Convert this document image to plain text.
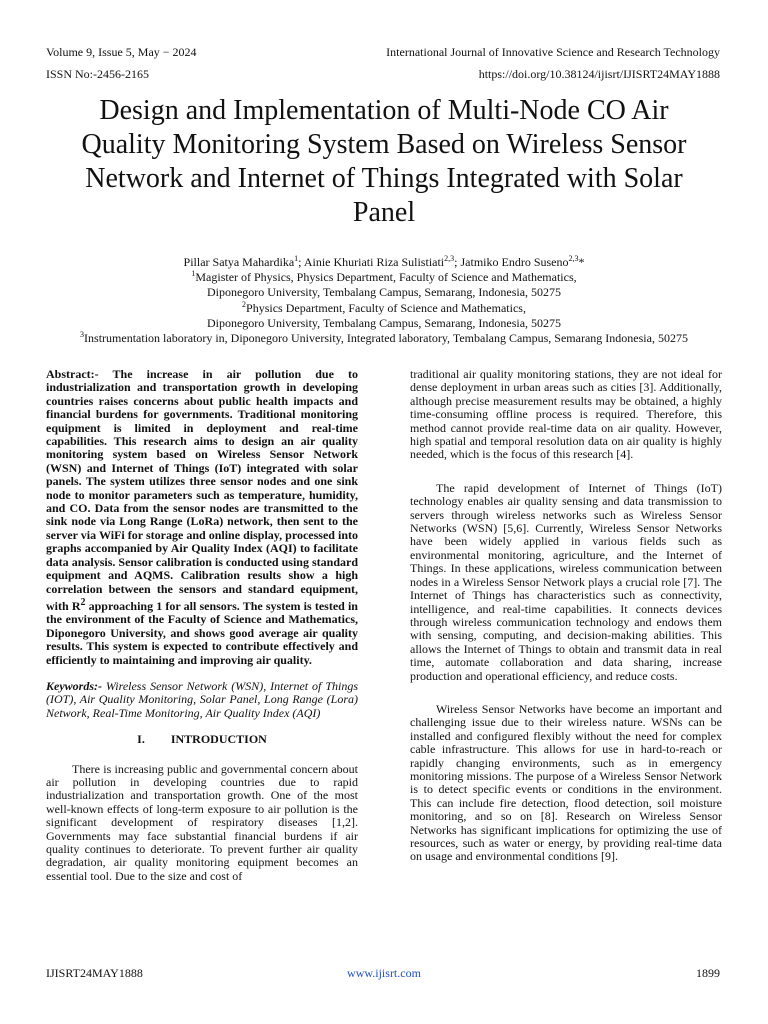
Volume 9, Issue 5, May − 2024	International Journal of Innovative Science and Research Technology
ISSN No:-2456-2165	https://doi.org/10.38124/ijisrt/IJISRT24MAY1888
Design and Implementation of Multi-Node CO Air Quality Monitoring System Based on Wireless Sensor Network and Internet of Things Integrated with Solar Panel
Pillar Satya Mahardika$^1$; Ainie Khuriati Riza Sulistiati$^{2,3}$; Jatmiko Endro Suseno$^{2,3}$*
$^1$Magister of Physics, Physics Department, Faculty of Science and Mathematics,
Diponegoro University, Tembalang Campus, Semarang, Indonesia, 50275
$^2$Physics Department, Faculty of Science and Mathematics,
Diponegoro University, Tembalang Campus, Semarang, Indonesia, 50275
$^3$Instrumentation laboratory in, Diponegoro University, Integrated laboratory, Tembalang Campus, Semarang Indonesia, 50275

Abstract:- The increase in air pollution due to industrialization and transportation growth in developing countries raises concerns about public health impacts and financial burdens for governments. Traditional monitoring equipment is limited in deployment and real-time capabilities. This research aims to design an air quality monitoring system based on Wireless Sensor Network (WSN) and Internet of Things (IoT) integrated with solar panels. The system utilizes three sensor nodes and one sink node to monitor parameters such as temperature, humidity, and CO. Data from the sensor nodes are transmitted to the sink node via Long Range (LoRa) network, then sent to the server via WiFi for storage and online display, processed into graphs accompanied by Air Quality Index (AQI) to facilitate data analysis. Sensor calibration is conducted using standard equipment and AQMS. Calibration results show a high correlation between the sensors and standard equipment, with $R^2$ approaching 1 for all sensors. The system is tested in the environment of the Faculty of Science and Mathematics, Diponegoro University, and shows good average air quality results. This system is expected to contribute effectively and efficiently to maintaining and improving air quality.

Keywords:- Wireless Sensor Network (WSN), Internet of Things (IOT), Air Quality Monitoring, Solar Panel, Long Range (Lora) Network, Real-Time Monitoring, Air Quality Index (AQI)

I. INTRODUCTION

There is increasing public and governmental concern about air pollution in developing countries due to rapid industrialization and transportation growth. One of the most well-known effects of long-term exposure to air pollution is the significant development of respiratory diseases [1,2]. Governments may face substantial financial burdens if air quality continues to deteriorate. To prevent further air quality degradation, air quality monitoring equipment becomes an essential tool. Due to the size and cost of

traditional air quality monitoring stations, they are not ideal for dense deployment in urban areas such as cities [3]. Additionally, although precise measurement results may be obtained, a highly time-consuming offline process is required. Therefore, this method cannot provide real-time data on air quality. However, high spatial and temporal resolution data on air quality is highly needed, which is the focus of this research [4].

The rapid development of Internet of Things (IoT) technology enables air quality sensing and data transmission to servers through wireless networks such as Wireless Sensor Networks (WSN) [5,6]. Currently, Wireless Sensor Networks have been widely applied in various fields such as environmental monitoring, agriculture, and the Internet of Things. In these applications, wireless communication between nodes in a Wireless Sensor Network plays a crucial role [7]. The Internet of Things has characteristics such as connectivity, intelligence, and real-time capabilities. It connects devices through wireless communication technology and endows them with sensing, computing, and decision-making abilities. This allows the Internet of Things to obtain and transmit data in real time, automate collaboration and data sharing, increase production and operational efficiency, and reduce costs.

Wireless Sensor Networks have become an important and challenging issue due to their wireless nature. WSNs can be installed and configured flexibly without the need for complex cable infrastructure. This allows for use in hard-to-reach or rapidly changing environments, such as in emergency monitoring missions. The purpose of a Wireless Sensor Network is to detect specific events or conditions in the environment. This can include fire detection, flood detection, soil moisture monitoring, and so on [8]. Research on Wireless Sensor Networks has significant implications for optimizing the use of resources, such as water or energy, by providing real-time data on usage and environmental conditions [9].

IJISRT24MAY1888	www.ijisrt.com	1899
